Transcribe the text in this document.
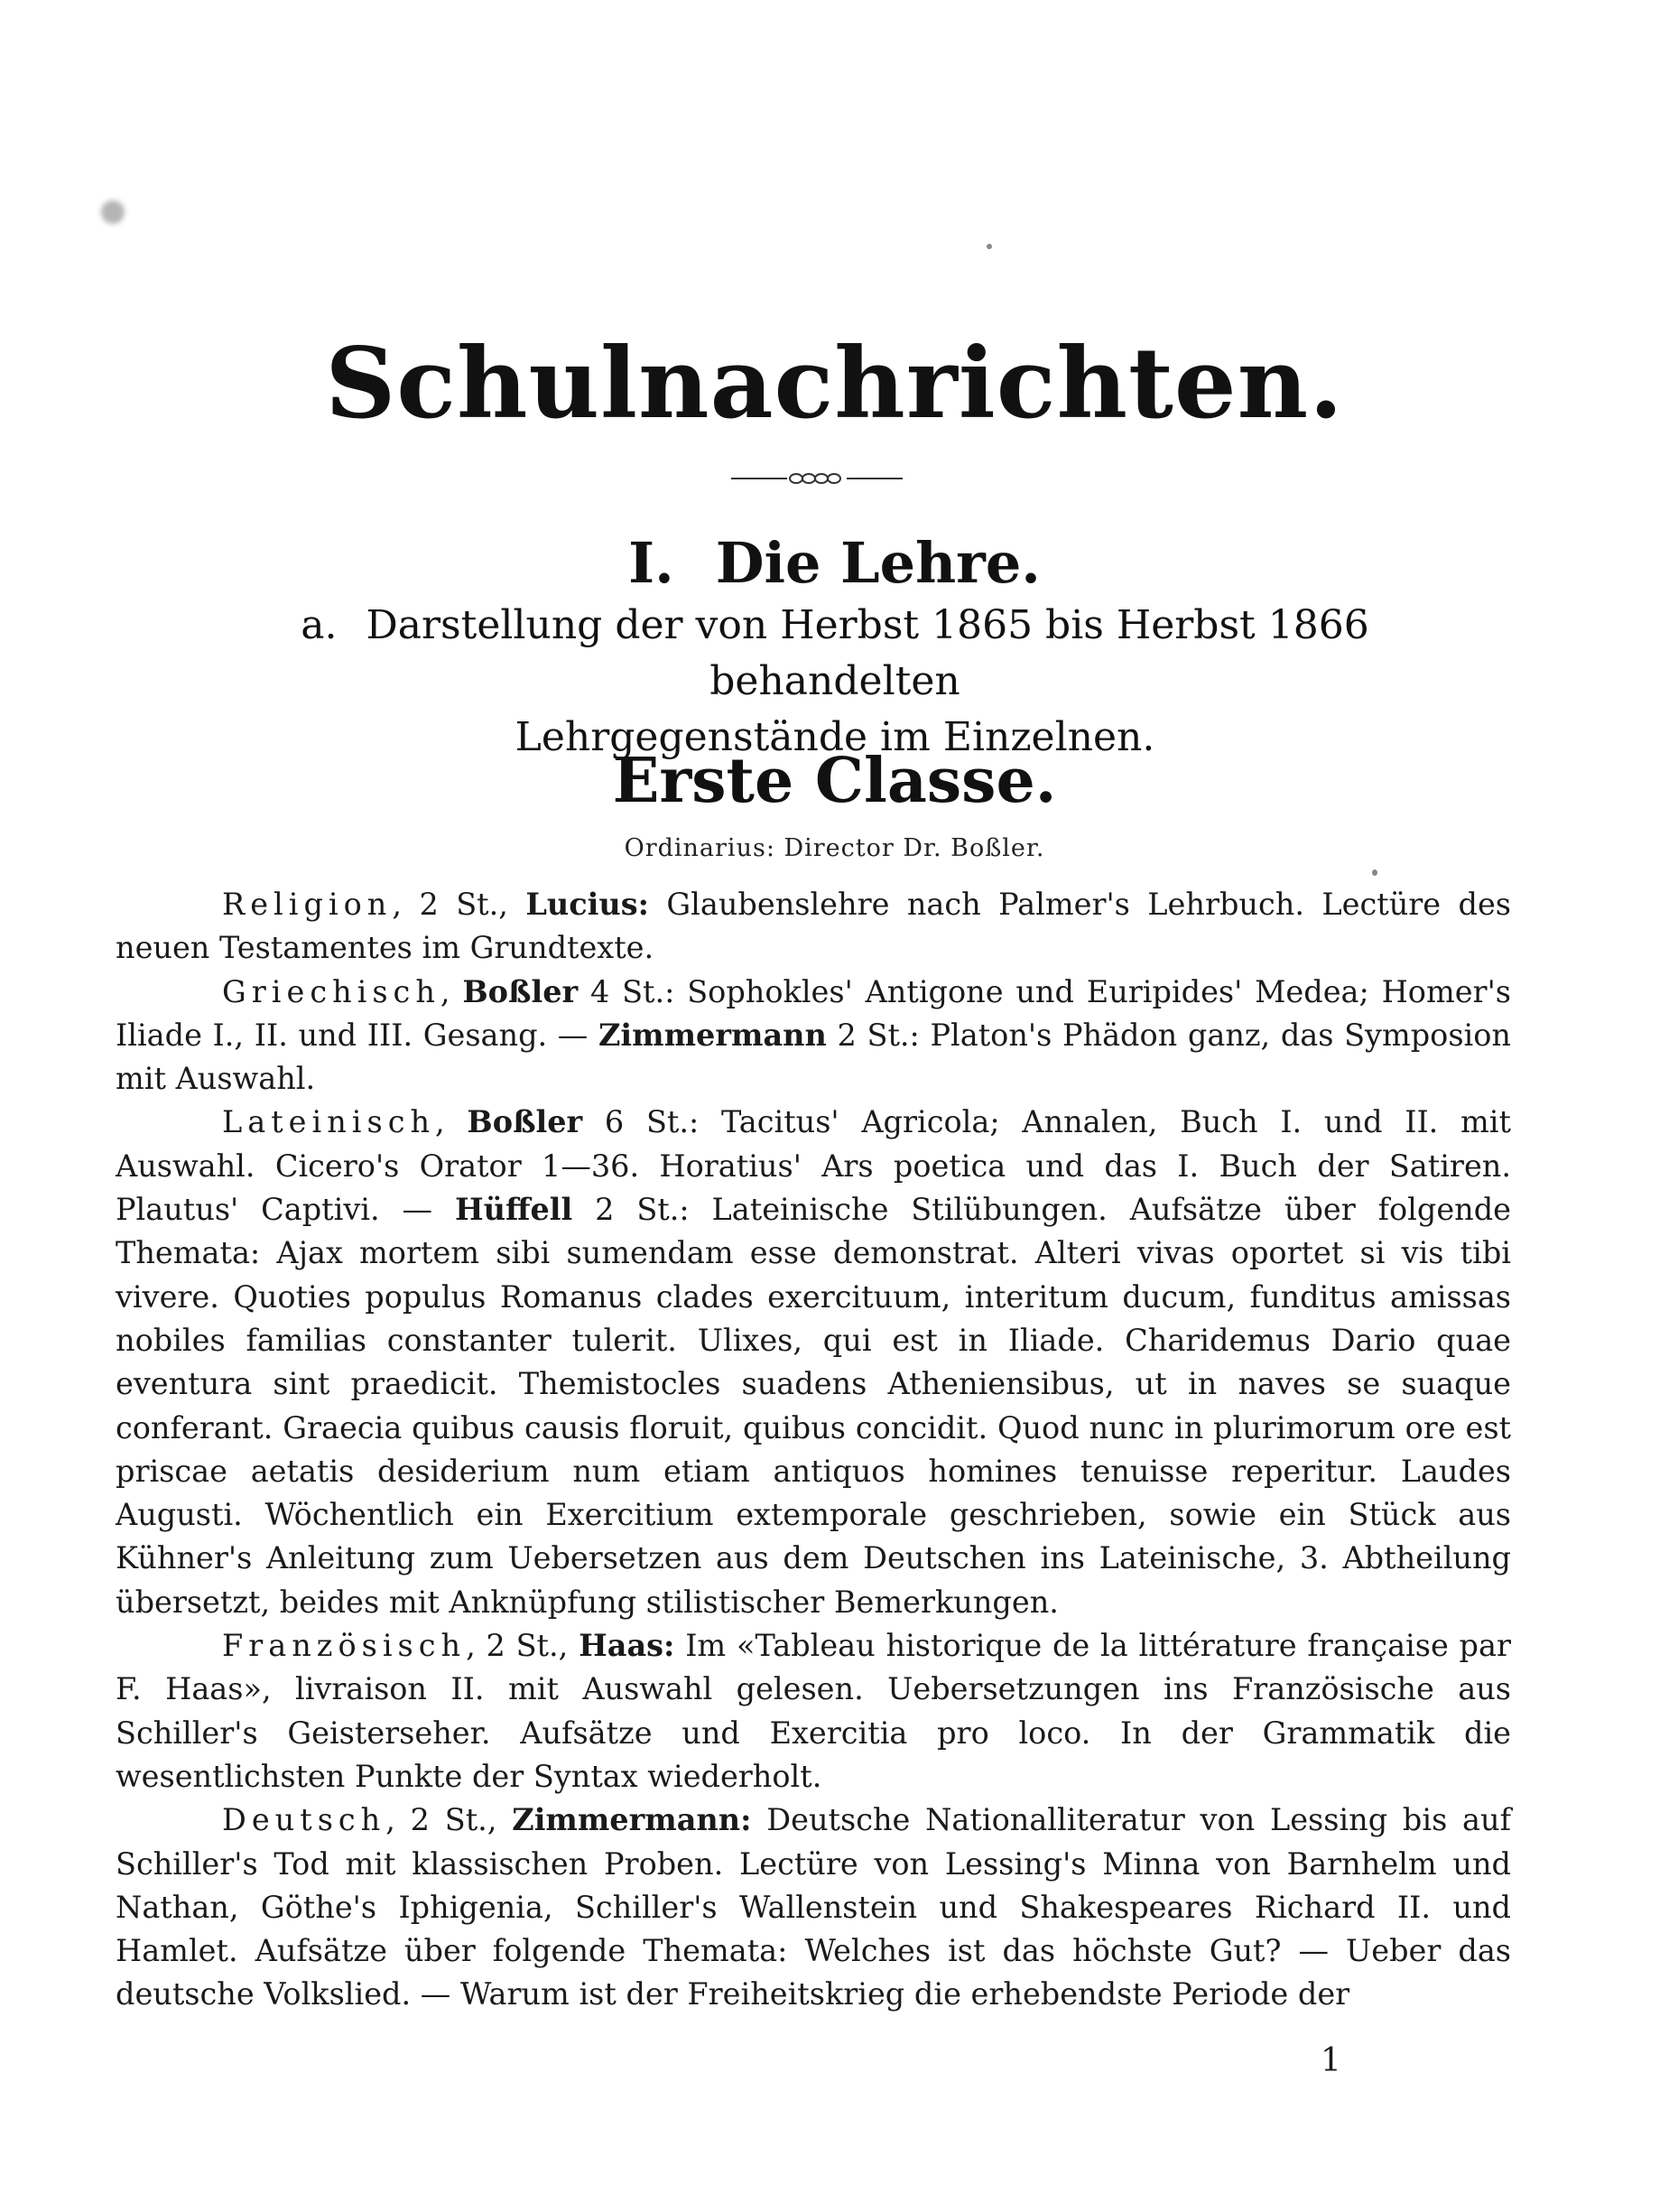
Schulnachrichten.
I. Die Lehre.
a. Darstellung der von Herbst 1865 bis Herbst 1866 behandelten
Lehrgegenstände im Einzelnen.
Erste Classe.
Ordinarius: Director Dr. Boßler.

Religion, 2 St., Lucius: Glaubenslehre nach Palmer's Lehrbuch. Lectüre des neuen Testamentes im Grundtexte.

Griechisch, Boßler 4 St.: Sophokles' Antigone und Euripides' Medea; Homer's Iliade I., II. und III. Gesang. — Zimmermann 2 St.: Platon's Phädon ganz, das Symposion mit Auswahl.

Lateinisch, Boßler 6 St.: Tacitus' Agricola; Annalen, Buch I. und II. mit Auswahl. Cicero's Orator 1—36. Horatius' Ars poetica und das I. Buch der Satiren. Plautus' Captivi. — Hüffell 2 St.: Lateinische Stilübungen. Aufsätze über folgende Themata: Ajax mortem sibi sumendam esse demonstrat. Alteri vivas oportet si vis tibi vivere. Quoties populus Romanus clades exercituum, interitum ducum, funditus amissas nobiles familias constanter tulerit. Ulixes, qui est in Iliade. Charidemus Dario quae eventura sint praedicit. Themistocles suadens Atheniensibus, ut in naves se suaque conferant. Graecia quibus causis floruit, quibus concidit. Quod nunc in plurimorum ore est priscae aetatis desiderium num etiam antiquos homines tenuisse reperitur. Laudes Augusti. Wöchentlich ein Exercitium extemporale geschrieben, sowie ein Stück aus Kühner's Anleitung zum Uebersetzen aus dem Deutschen ins Lateinische, 3. Abtheilung übersetzt, beides mit Anknüpfung stilistischer Bemerkungen.

Französisch, 2 St., Haas: Im «Tableau historique de la littérature française par F. Haas», livraison II. mit Auswahl gelesen. Uebersetzungen ins Französische aus Schiller's Geisterseher. Aufsätze und Exercitia pro loco. In der Grammatik die wesentlichsten Punkte der Syntax wiederholt.

Deutsch, 2 St., Zimmermann: Deutsche Nationalliteratur von Lessing bis auf Schiller's Tod mit klassischen Proben. Lectüre von Lessing's Minna von Barnhelm und Nathan, Göthe's Iphigenia, Schiller's Wallenstein und Shakespeares Richard II. und Hamlet. Aufsätze über folgende Themata: Welches ist das höchste Gut? — Ueber das deutsche Volkslied. — Warum ist der Freiheitskrieg die erhebendste Periode der

1
